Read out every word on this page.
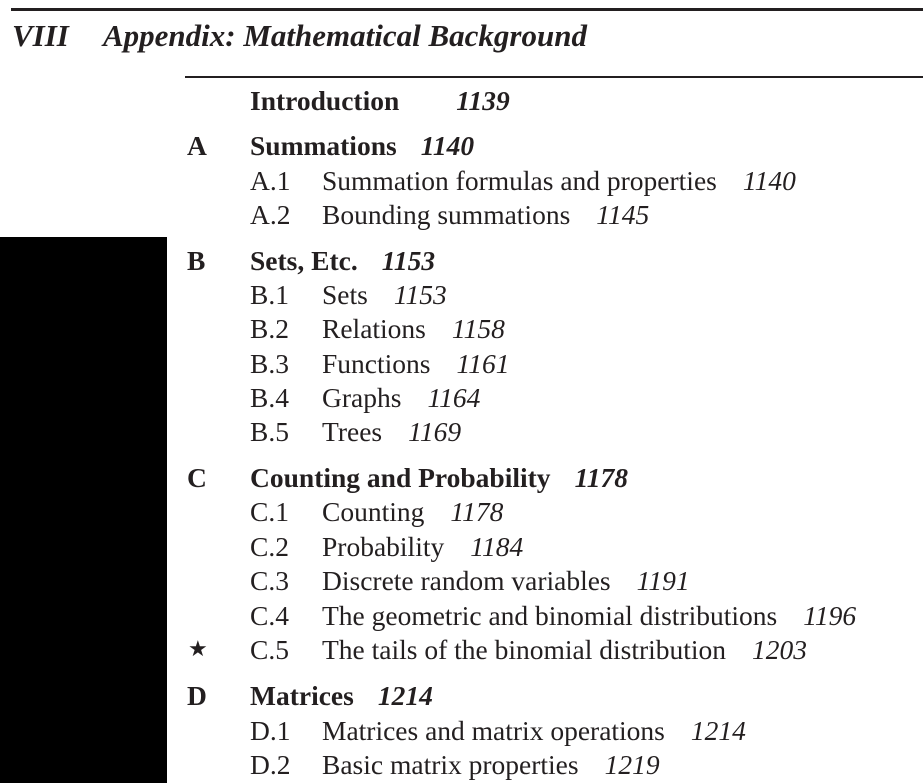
VIII Appendix: Mathematical Background
Introduction 1139
A Summations 1140
A.1 Summation formulas and properties 1140
A.2 Bounding summations 1145
B Sets, Etc. 1153
B.1 Sets 1153
B.2 Relations 1158
B.3 Functions 1161
B.4 Graphs 1164
B.5 Trees 1169
C Counting and Probability 1178
C.1 Counting 1178
C.2 Probability 1184
C.3 Discrete random variables 1191
C.4 The geometric and binomial distributions 1196
★ C.5 The tails of the binomial distribution 1203
D Matrices 1214
D.1 Matrices and matrix operations 1214
D.2 Basic matrix properties 1219
